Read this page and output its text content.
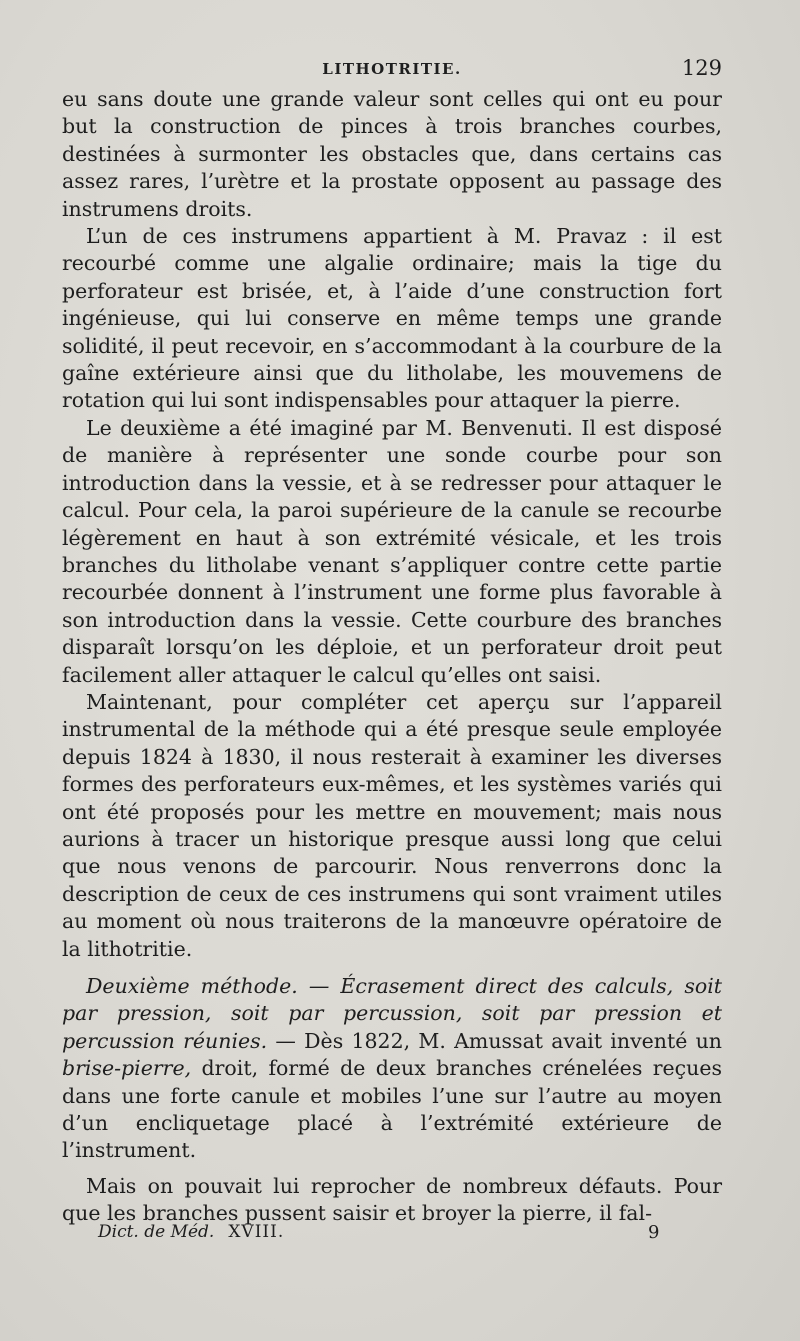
LITHOTRITIE.	129

eu sans doute une grande valeur sont celles qui ont eu pour but la construction de pinces à trois branches courbes, destinées à surmonter les obstacles que, dans certains cas assez rares, l’urètre et la prostate opposent au passage des instrumens droits.

L’un de ces instrumens appartient à M. Pravaz : il est recourbé comme une algalie ordinaire; mais la tige du perforateur est brisée, et, à l’aide d’une construction fort ingénieuse, qui lui conserve en même temps une grande solidité, il peut recevoir, en s’accommodant à la courbure de la gaîne extérieure ainsi que du litholabe, les mouvemens de rotation qui lui sont indispensables pour attaquer la pierre.

Le deuxième a été imaginé par M. Benvenuti. Il est disposé de manière à représenter une sonde courbe pour son introduction dans la vessie, et à se redresser pour attaquer le calcul. Pour cela, la paroi supérieure de la canule se recourbe légèrement en haut à son extrémité vésicale, et les trois branches du litholabe venant s’appliquer contre cette partie recourbée donnent à l’instrument une forme plus favorable à son introduction dans la vessie. Cette courbure des branches disparaît lorsqu’on les déploie, et un perforateur droit peut facilement aller attaquer le calcul qu’elles ont saisi.

Maintenant, pour compléter cet aperçu sur l’appareil instrumental de la méthode qui a été presque seule employée depuis 1824 à 1830, il nous resterait à examiner les diverses formes des perforateurs eux-mêmes, et les systèmes variés qui ont été proposés pour les mettre en mouvement; mais nous aurions à tracer un historique presque aussi long que celui que nous venons de parcourir. Nous renverrons donc la description de ceux de ces instrumens qui sont vraiment utiles au moment où nous traiterons de la manœuvre opératoire de la lithotritie.

Deuxième méthode. — Écrasement direct des calculs, soit par pression, soit par percussion, soit par pression et percussion réunies. — Dès 1822, M. Amussat avait inventé un brise-pierre, droit, formé de deux branches crénelées reçues dans une forte canule et mobiles l’une sur l’autre au moyen d’un encliquetage placé à l’extrémité extérieure de l’instrument.

Mais on pouvait lui reprocher de nombreux défauts. Pour que les branches pussent saisir et broyer la pierre, il fal-

Dict. de Méd. XVIII.	9
